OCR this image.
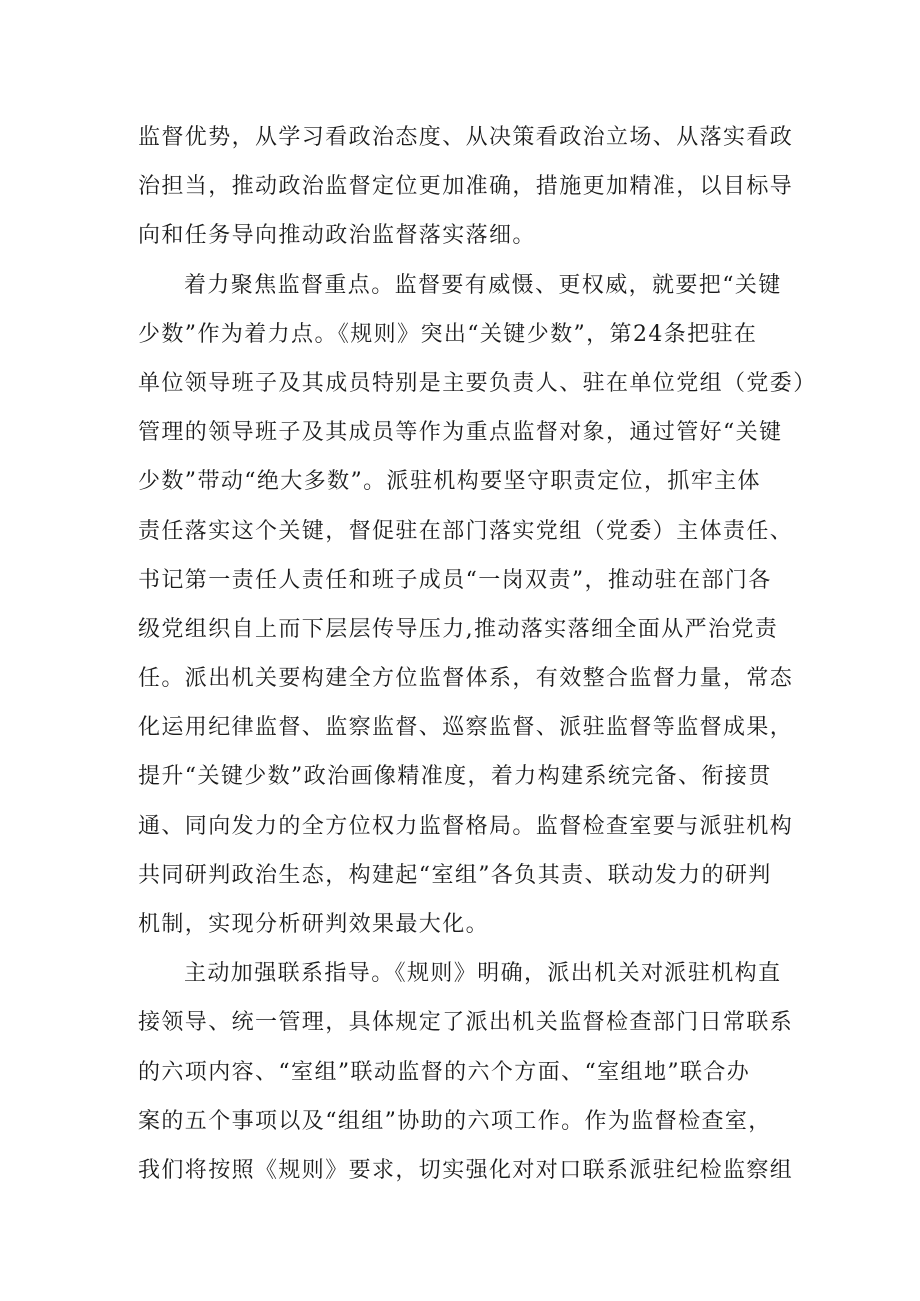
监督优势，从学习看政治态度、从决策看政治立场、从落实看政
治担当，推动政治监督定位更加准确，措施更加精准，以目标导
向和任务导向推动政治监督落实落细。
着力聚焦监督重点。监督要有威慑、更权威，就要把“关键
少数”作为着力点。《规则》突出“关键少数”，第24条把驻在
单位领导班子及其成员特别是主要负责人、驻在单位党组（党委）
管理的领导班子及其成员等作为重点监督对象，通过管好“关键
少数”带动“绝大多数”。派驻机构要坚守职责定位，抓牢主体
责任落实这个关键，督促驻在部门落实党组（党委）主体责任、
书记第一责任人责任和班子成员“一岗双责”，推动驻在部门各
级党组织自上而下层层传导压力,推动落实落细全面从严治党责
任。派出机关要构建全方位监督体系，有效整合监督力量，常态
化运用纪律监督、监察监督、巡察监督、派驻监督等监督成果，
提升“关键少数”政治画像精准度，着力构建系统完备、衔接贯
通、同向发力的全方位权力监督格局。监督检查室要与派驻机构
共同研判政治生态，构建起“室组”各负其责、联动发力的研判
机制，实现分析研判效果最大化。
主动加强联系指导。《规则》明确，派出机关对派驻机构直
接领导、统一管理，具体规定了派出机关监督检查部门日常联系
的六项内容、“室组”联动监督的六个方面、“室组地”联合办
案的五个事项以及“组组”协助的六项工作。作为监督检查室，
我们将按照《规则》要求，切实强化对对口联系派驻纪检监察组
